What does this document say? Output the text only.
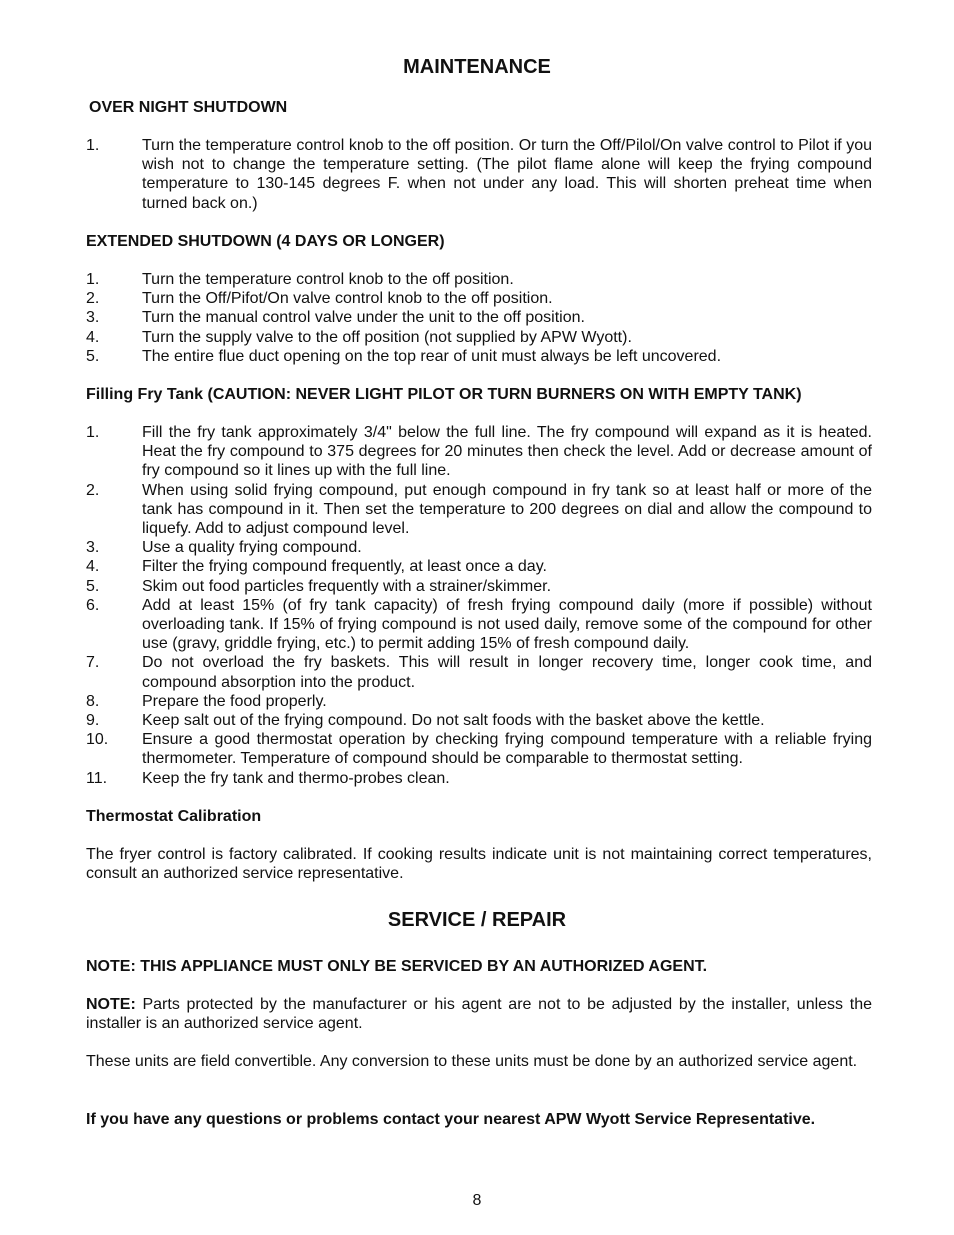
MAINTENANCE
OVER NIGHT SHUTDOWN
1.	Turn the temperature control knob to the off position. Or turn the Off/Pilol/On valve control to Pilot if you wish not to change the temperature setting. (The pilot flame alone will keep the frying compound temperature to 130-145 degrees F. when not under any load. This will shorten preheat time when turned back on.)
EXTENDED SHUTDOWN (4 DAYS OR LONGER)
1.	Turn the temperature control knob to the off position.
2.	Turn the Off/Pifot/On valve control knob to the off position.
3.	Turn the manual control valve under the unit to the off position.
4.	Turn the supply valve to the off position (not supplied by APW Wyott).
5.	The entire flue duct opening on the top rear of unit must always be left uncovered.
Filling Fry Tank (CAUTION: NEVER LIGHT PILOT OR TURN BURNERS ON WITH EMPTY TANK)
1.	Fill the fry tank approximately 3/4" below the full line. The fry compound will expand as it is heated. Heat the fry compound to 375 degrees for 20 minutes then check the level. Add or decrease amount of fry compound so it lines up with the full line.
2.	When using solid frying compound, put enough compound in fry tank so at least half or more of the tank has compound in it. Then set the temperature to 200 degrees on dial and allow the compound to liquefy. Add to adjust compound level.
3.	Use a quality frying compound.
4.	Filter the frying compound frequently, at least once a day.
5.	Skim out food particles frequently with a strainer/skimmer.
6.	Add at least 15% (of fry tank capacity) of fresh frying compound daily (more if possible) without overloading tank. If 15% of frying compound is not used daily, remove some of the compound for other use (gravy, griddle frying, etc.) to permit adding 15% of fresh compound daily.
7.	Do not overload the fry baskets. This will result in longer recovery time, longer cook time, and compound absorption into the product.
8.	Prepare the food properly.
9.	Keep salt out of the frying compound. Do not salt foods with the basket above the kettle.
10.	Ensure a good thermostat operation by checking frying compound temperature with a reliable frying thermometer. Temperature of compound should be comparable to thermostat setting.
11.	Keep the fry tank and thermo-probes clean.
Thermostat Calibration

The fryer control is factory calibrated. If cooking results indicate unit is not maintaining correct temperatures, consult an authorized service representative.

SERVICE / REPAIR

NOTE: THIS APPLIANCE MUST ONLY BE SERVICED BY AN AUTHORIZED AGENT.

NOTE: Parts protected by the manufacturer or his agent are not to be adjusted by the installer, unless the installer is an authorized service agent.

These units are field convertible. Any conversion to these units must be done by an authorized service agent.

If you have any questions or problems contact your nearest APW Wyott Service Representative.

8
